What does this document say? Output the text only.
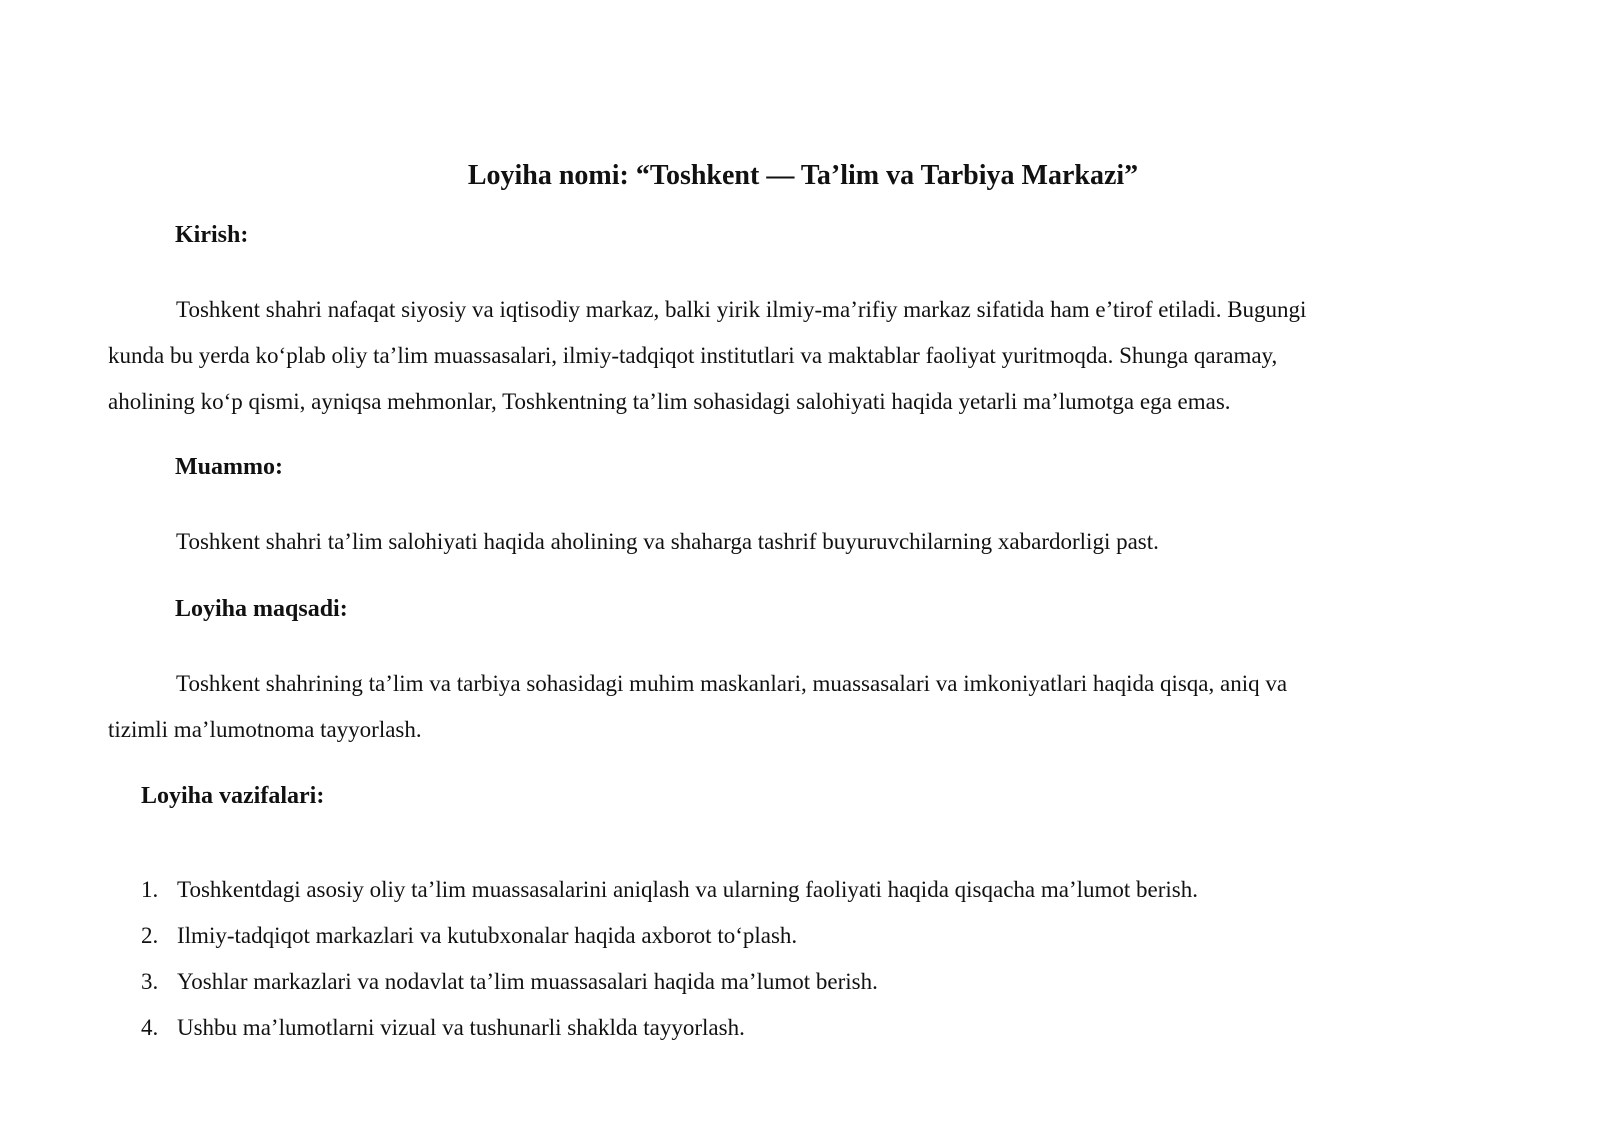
Loyiha nomi: “Toshkent — Ta’lim va Tarbiya Markazi”
Kirish:

Toshkent shahri nafaqat siyosiy va iqtisodiy markaz, balki yirik ilmiy-ma’rifiy markaz sifatida ham e’tirof etiladi. Bugungi
kunda bu yerda ko‘plab oliy ta’lim muassasalari, ilmiy-tadqiqot institutlari va maktablar faoliyat yuritmoqda. Shunga qaramay,
aholining ko‘p qismi, ayniqsa mehmonlar, Toshkentning ta’lim sohasidagi salohiyati haqida yetarli ma’lumotga ega emas.

Muammo:

Toshkent shahri ta’lim salohiyati haqida aholining va shaharga tashrif buyuruvchilarning xabardorligi past.

Loyiha maqsadi:

Toshkent shahrining ta’lim va tarbiya sohasidagi muhim maskanlari, muassasalari va imkoniyatlari haqida qisqa, aniq va
tizimli ma’lumotnoma tayyorlash.

Loyiha vazifalari:
1. Toshkentdagi asosiy oliy ta’lim muassasalarini aniqlash va ularning faoliyati haqida qisqacha ma’lumot berish.
2. Ilmiy-tadqiqot markazlari va kutubxonalar haqida axborot to‘plash.
3. Yoshlar markazlari va nodavlat ta’lim muassasalari haqida ma’lumot berish.
4. Ushbu ma’lumotlarni vizual va tushunarli shaklda tayyorlash.
